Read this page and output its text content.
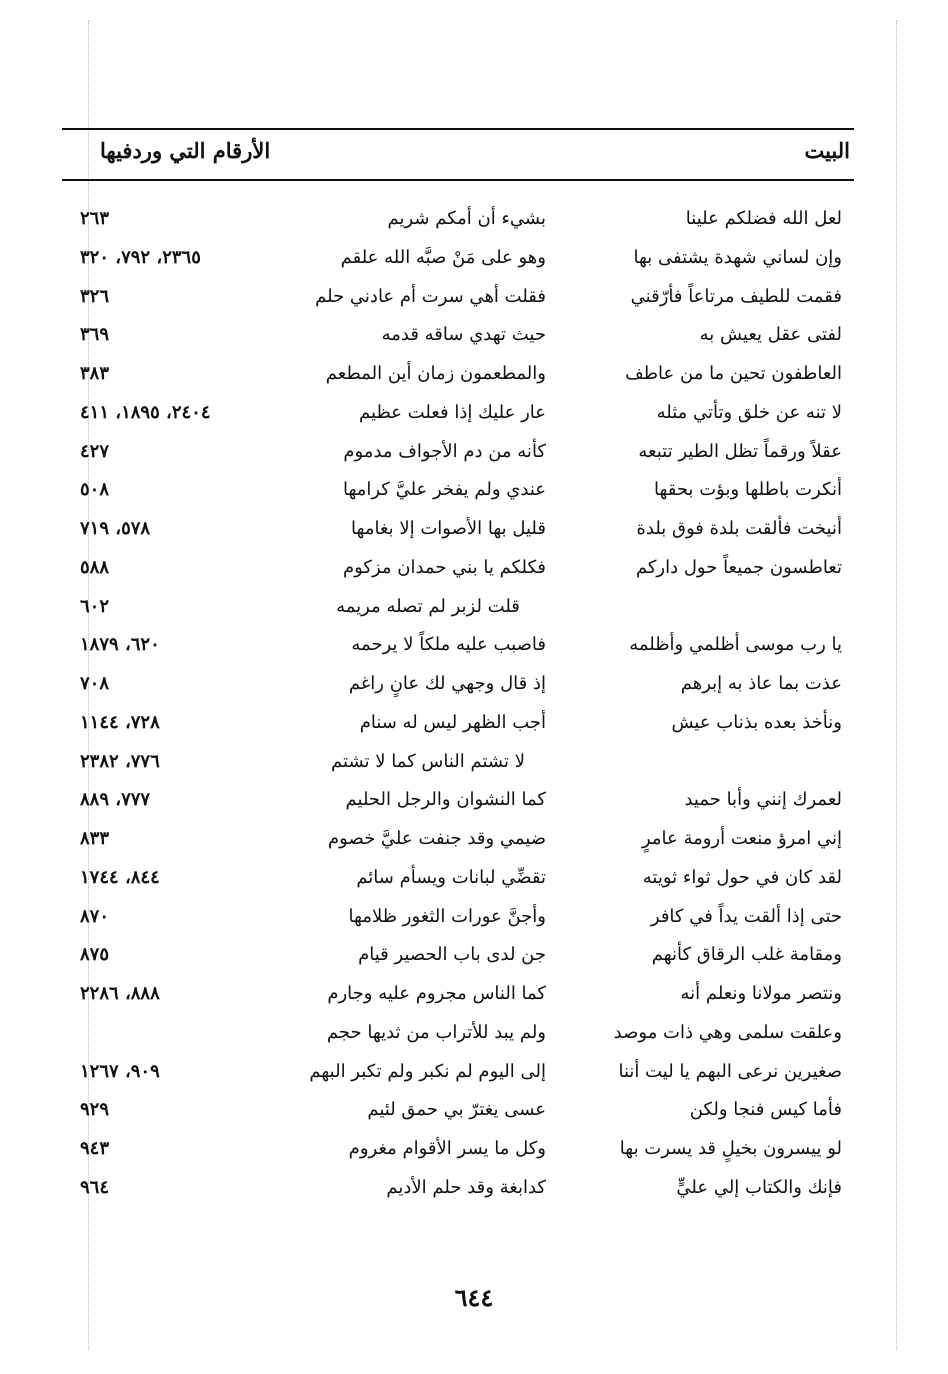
البيت
الأرقام التي وردفيها
لعل الله فضلكم علينا
بشيء أن أمكم شريم
٢٦٣
وإن لساني شهدة يشتفى بها
وهو على مَنْ صبَّه الله علقم
٢٣٦٥، ٧٩٢، ٣٢٠
فقمت للطيف مرتاعاً فأرّقني
فقلت أهي سرت أم عادني حلم
٣٢٦
لفتى عقل يعيش به
حيث تهدي ساقه قدمه
٣٦٩
العاطفون تحين ما من عاطف
والمطعمون زمان أين المطعم
٣٨٣
لا تنه عن خلق وتأتي مثله
عار عليك إذا فعلت عظيم
٢٤٠٤، ١٨٩٥، ٤١١
عقلاً ورقماً تظل الطير تتبعه
كأنه من دم الأجواف مدموم
٤٢٧
أنكرت باطلها وبؤت بحقها
عندي ولم يفخر عليَّ كرامها
٥٠٨
أنيخت فألقت بلدة فوق بلدة
قليل بها الأصوات إلا بغامها
٥٧٨، ٧١٩
تعاطسون جميعاً حول داركم
فكلكم يا بني حمدان مزكوم
٥٨٨
قلت لزبر لم تصله مريمه
٦٠٢
يا رب موسى أظلمي وأظلمه
فاصبب عليه ملكاً لا يرحمه
٦٢٠، ١٨٧٩
عذت بما عاذ به إبرهم
إذ قال وجهي لك عانٍ راغم
٧٠٨
ونأخذ بعده بذناب عيش
أجب الظهر ليس له سنام
٧٢٨، ١١٤٤
لا تشتم الناس كما لا تشتم
٧٧٦، ٢٣٨٢
لعمرك إنني وأبا حميد
كما النشوان والرجل الحليم
٧٧٧، ٨٨٩
إني امرؤ منعت أرومة عامرٍ
ضيمي وقد جنفت عليَّ خصوم
٨٣٣
لقد كان في حول ثواء ثويته
تقضِّي لبانات ويسأم سائم
٨٤٤، ١٧٤٤
حتى إذا ألقت يداً في كافر
وأجنَّ عورات الثغور ظلامها
٨٧٠
ومقامة غلب الرقاق كأنهم
جن لدى باب الحصير قيام
٨٧٥
ونتصر مولانا ونعلم أنه
كما الناس مجروم عليه وجارم
٨٨٨، ٢٢٨٦
وعلقت سلمى وهي ذات موصد
ولم يبد للأتراب من ثديها حجم
صغيرين نرعى البهم يا ليت أننا
إلى اليوم لم نكبر ولم تكبر البهم
٩٠٩، ١٢٦٧
فأما كيس فنجا ولكن
عسى يغترّ بي حمق لئيم
٩٢٩
لو ييسرون بخيلٍ قد يسرت بها
وكل ما يسر الأقوام مغروم
٩٤٣
فإنك والكتاب إلي عليٍّ
كدابغة وقد حلم الأديم
٩٦٤
٦٤٤
